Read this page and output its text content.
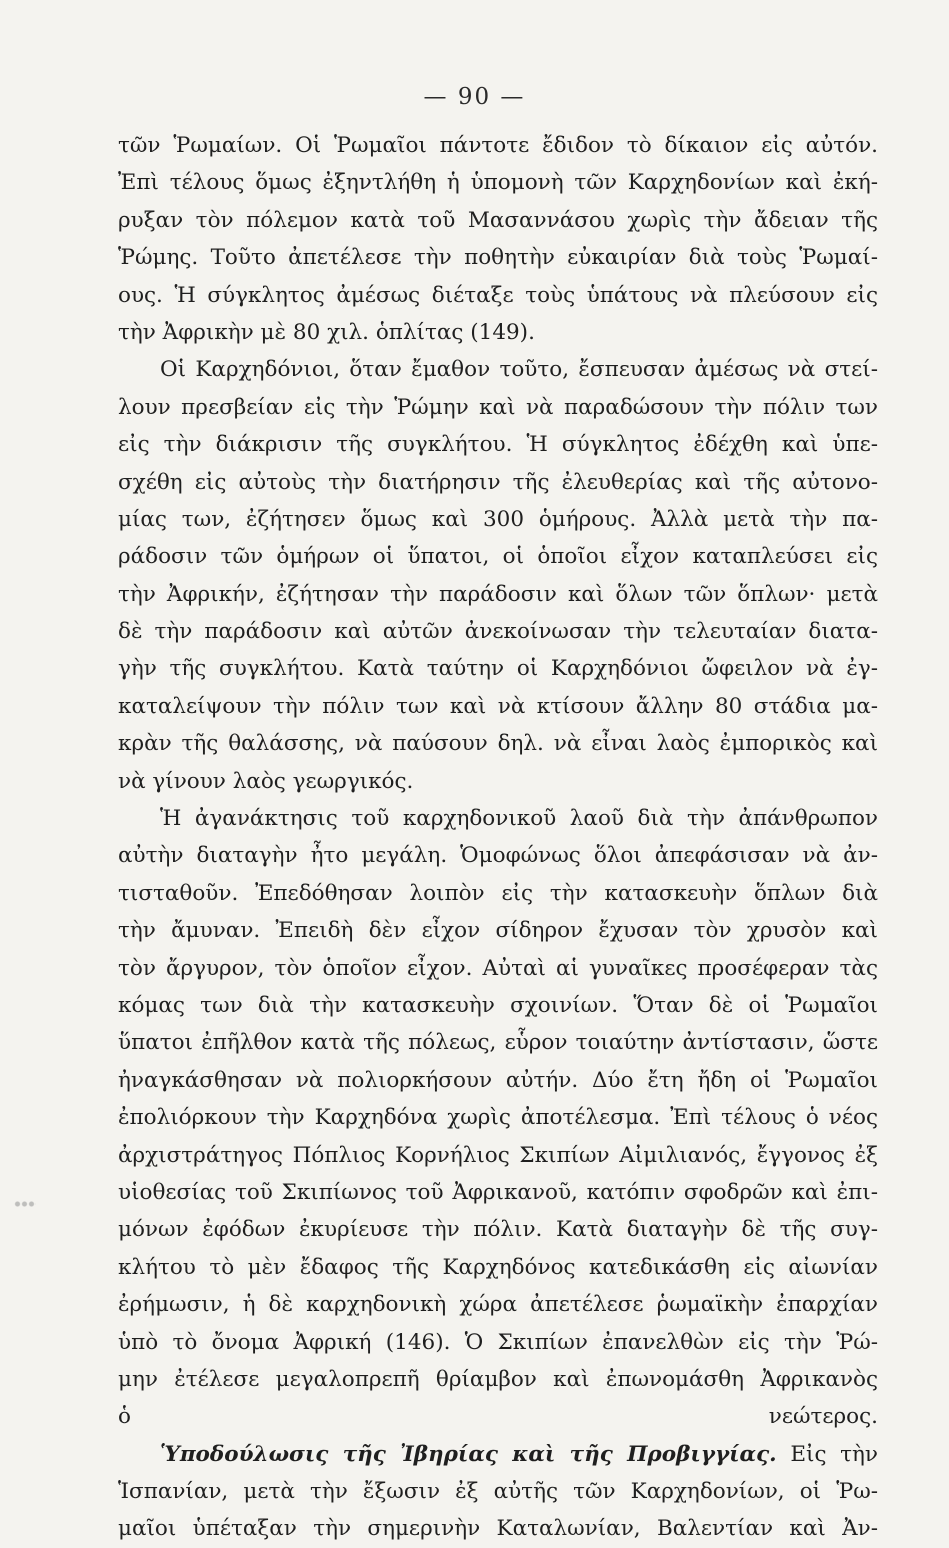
— 90 —
τῶν Ῥωμαίων. Οἱ Ῥωμαῖοι πάντοτε ἔδιδον τὸ δίκαιον εἰς αὐτόν.
Ἐπὶ τέλους ὅμως ἐξηντλήθη ἡ ὑπομονὴ τῶν Καρχηδονίων καὶ ἐκή-
ρυξαν τὸν πόλεμον κατὰ τοῦ Μασαννάσου χωρὶς τὴν ἄδειαν τῆς
Ῥώμης. Τοῦτο ἀπετέλεσε τὴν ποθητὴν εὐκαιρίαν διὰ τοὺς Ῥωμαί-
ους. Ἡ σύγκλητος ἀμέσως διέταξε τοὺς ὑπάτους νὰ πλεύσουν εἰς
τὴν Ἀφρικὴν μὲ 80 χιλ. ὁπλίτας (149).
Οἱ Καρχηδόνιοι, ὅταν ἔμαθον τοῦτο, ἔσπευσαν ἀμέσως νὰ στεί-
λουν πρεσβείαν εἰς τὴν Ῥώμην καὶ νὰ παραδώσουν τὴν πόλιν των
εἰς τὴν διάκρισιν τῆς συγκλήτου. Ἡ σύγκλητος ἐδέχθη καὶ ὑπε-
σχέθη εἰς αὐτοὺς τὴν διατήρησιν τῆς ἐλευθερίας καὶ τῆς αὐτονο-
μίας των, ἐζήτησεν ὅμως καὶ 300 ὁμήρους. Ἀλλὰ μετὰ τὴν πα-
ράδοσιν τῶν ὁμήρων οἱ ὕπατοι, οἱ ὁποῖοι εἶχον καταπλεύσει εἰς
τὴν Ἀφρικήν, ἐζήτησαν τὴν παράδοσιν καὶ ὅλων τῶν ὅπλων· μετὰ
δὲ τὴν παράδοσιν καὶ αὐτῶν ἀνεκοίνωσαν τὴν τελευταίαν διατα-
γὴν τῆς συγκλήτου. Κατὰ ταύτην οἱ Καρχηδόνιοι ὤφειλον νὰ ἐγ-
καταλείψουν τὴν πόλιν των καὶ νὰ κτίσουν ἄλλην 80 στάδια μα-
κρὰν τῆς θαλάσσης, νὰ παύσουν δηλ. νὰ εἶναι λαὸς ἐμπορικὸς καὶ
νὰ γίνουν λαὸς γεωργικός.
Ἡ ἀγανάκτησις τοῦ καρχηδονικοῦ λαοῦ διὰ τὴν ἀπάνθρωπον
αὐτὴν διαταγὴν ἦτο μεγάλη. Ὁμοφώνως ὅλοι ἀπεφάσισαν νὰ ἀν-
τισταθοῦν. Ἐπεδόθησαν λοιπὸν εἰς τὴν κατασκευὴν ὅπλων διὰ
τὴν ἄμυναν. Ἐπειδὴ δὲν εἶχον σίδηρον ἔχυσαν τὸν χρυσὸν καὶ
τὸν ἄργυρον, τὸν ὁποῖον εἶχον. Αὐταὶ αἱ γυναῖκες προσέφεραν τὰς
κόμας των διὰ τὴν κατασκευὴν σχοινίων. Ὅταν δὲ οἱ Ῥωμαῖοι
ὕπατοι ἐπῆλθον κατὰ τῆς πόλεως, εὗρον τοιαύτην ἀντίστασιν, ὥστε
ἠναγκάσθησαν νὰ πολιορκήσουν αὐτήν. Δύο ἔτη ἤδη οἱ Ῥωμαῖοι
ἐπολιόρκουν τὴν Καρχηδόνα χωρὶς ἀποτέλεσμα. Ἐπὶ τέλους ὁ νέος
ἀρχιστράτηγος Πόπλιος Κορνήλιος Σκιπίων Αἰμιλιανός, ἔγγονος ἐξ
υἱοθεσίας τοῦ Σκιπίωνος τοῦ Ἀφρικανοῦ, κατόπιν σφοδρῶν καὶ ἐπι-
μόνων ἐφόδων ἐκυρίευσε τὴν πόλιν. Κατὰ διαταγὴν δὲ τῆς συγ-
κλήτου τὸ μὲν ἔδαφος τῆς Καρχηδόνος κατεδικάσθη εἰς αἰωνίαν
ἐρήμωσιν, ἡ δὲ καρχηδονικὴ χώρα ἀπετέλεσε ῥωμαϊκὴν ἐπαρχίαν
ὑπὸ τὸ ὄνομα Ἀφρική (146). Ὁ Σκιπίων ἐπανελθὼν εἰς τὴν Ῥώ-
μην ἐτέλεσε μεγαλοπρεπῆ θρίαμβον καὶ ἐπωνομάσθη Ἀφρικανὸς
ὁ νεώτερος.
Ὑποδούλωσις τῆς Ἰβηρίας καὶ τῆς Προβιγγίας. Εἰς τὴν
Ἱσπανίαν, μετὰ τὴν ἔξωσιν ἐξ αὐτῆς τῶν Καρχηδονίων, οἱ Ῥω-
μαῖοι ὑπέταξαν τὴν σημερινὴν Καταλωνίαν, Βαλεντίαν καὶ Ἀν-
